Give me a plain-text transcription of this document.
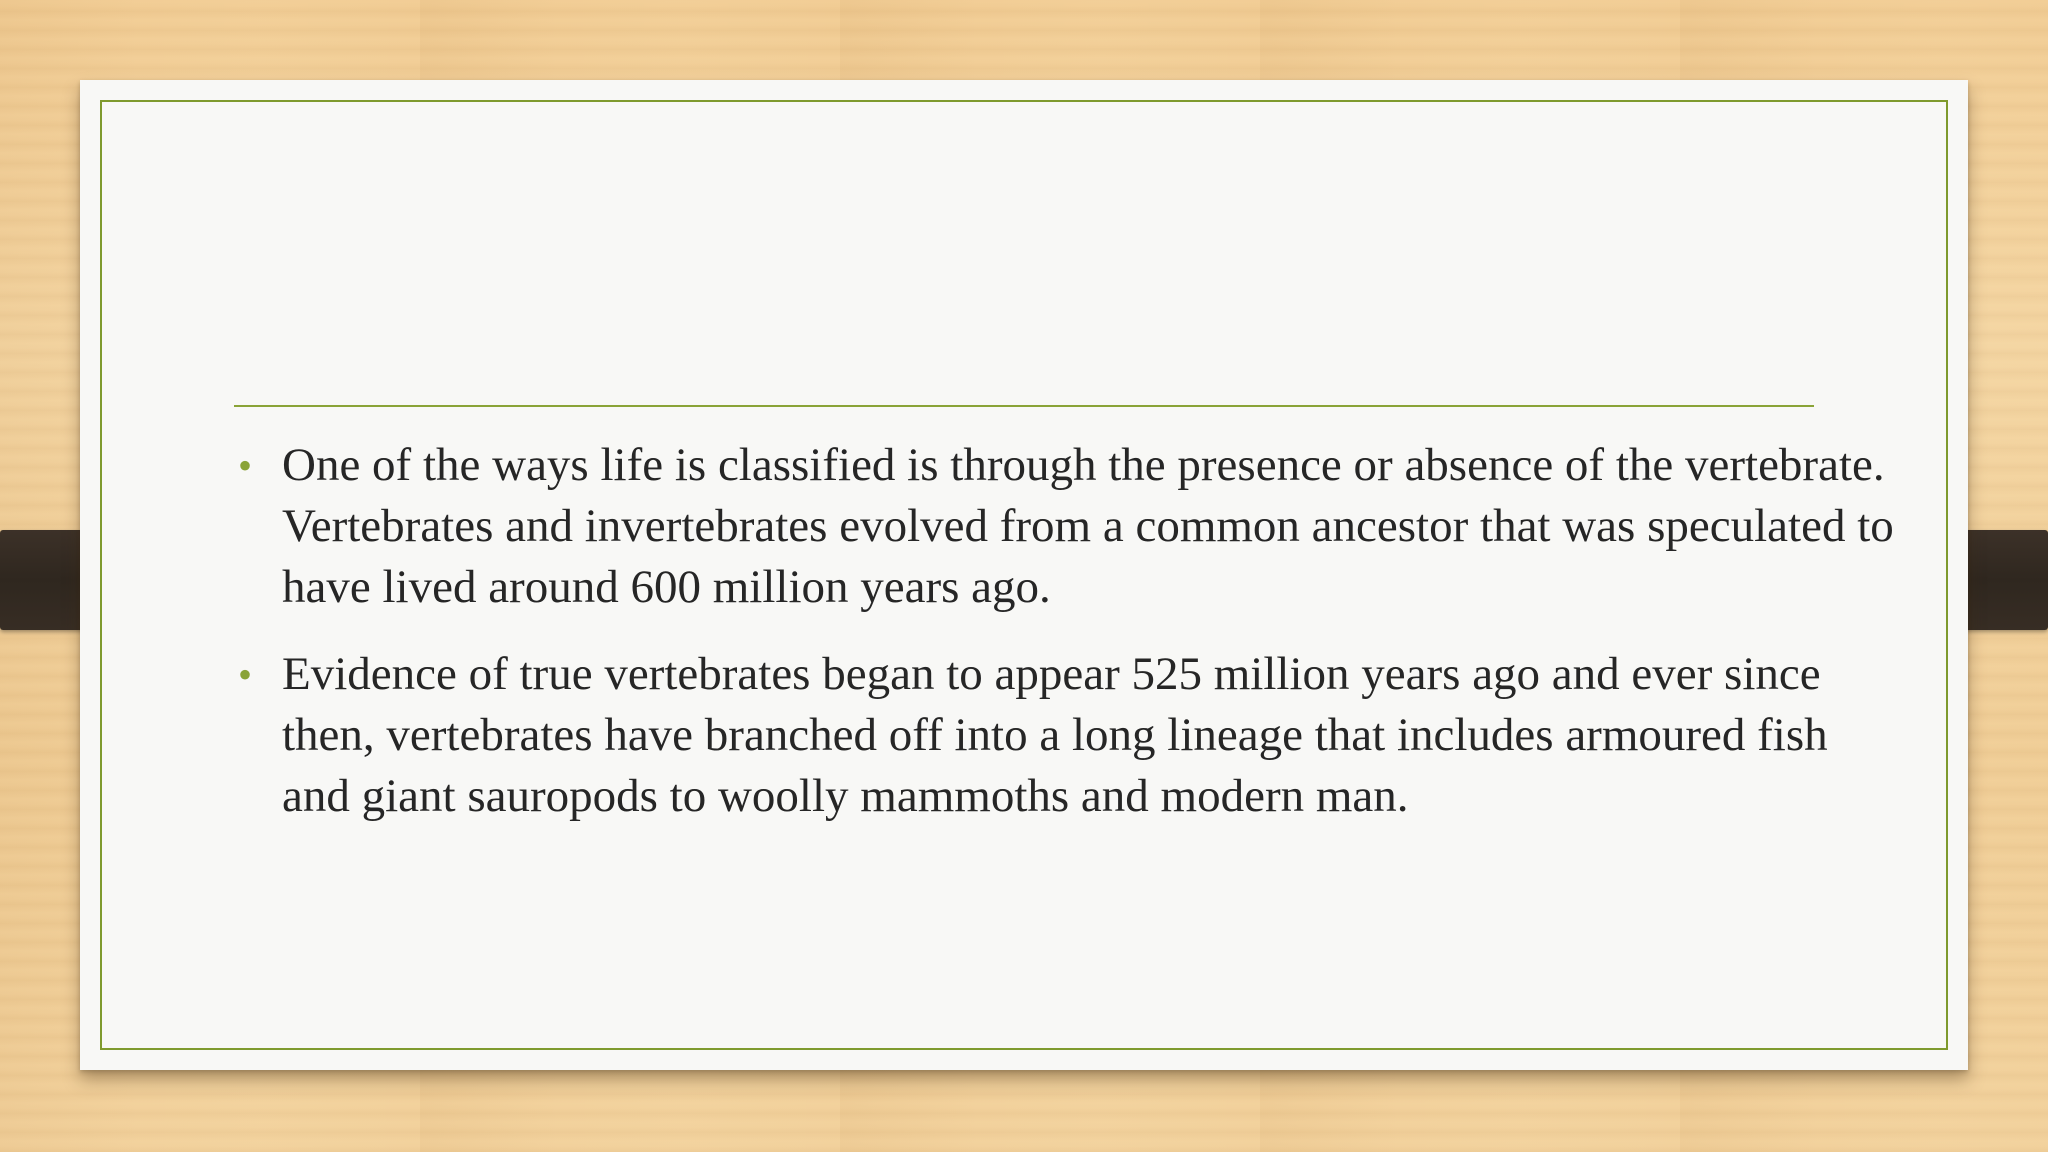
• One of the ways life is classified is through the presence or absence of the vertebrate. Vertebrates and invertebrates evolved from a common ancestor that was speculated to have lived around 600 million years ago.
• Evidence of true vertebrates began to appear 525 million years ago and ever since then, vertebrates have branched off into a long lineage that includes armoured fish and giant sauropods to woolly mammoths and modern man.
